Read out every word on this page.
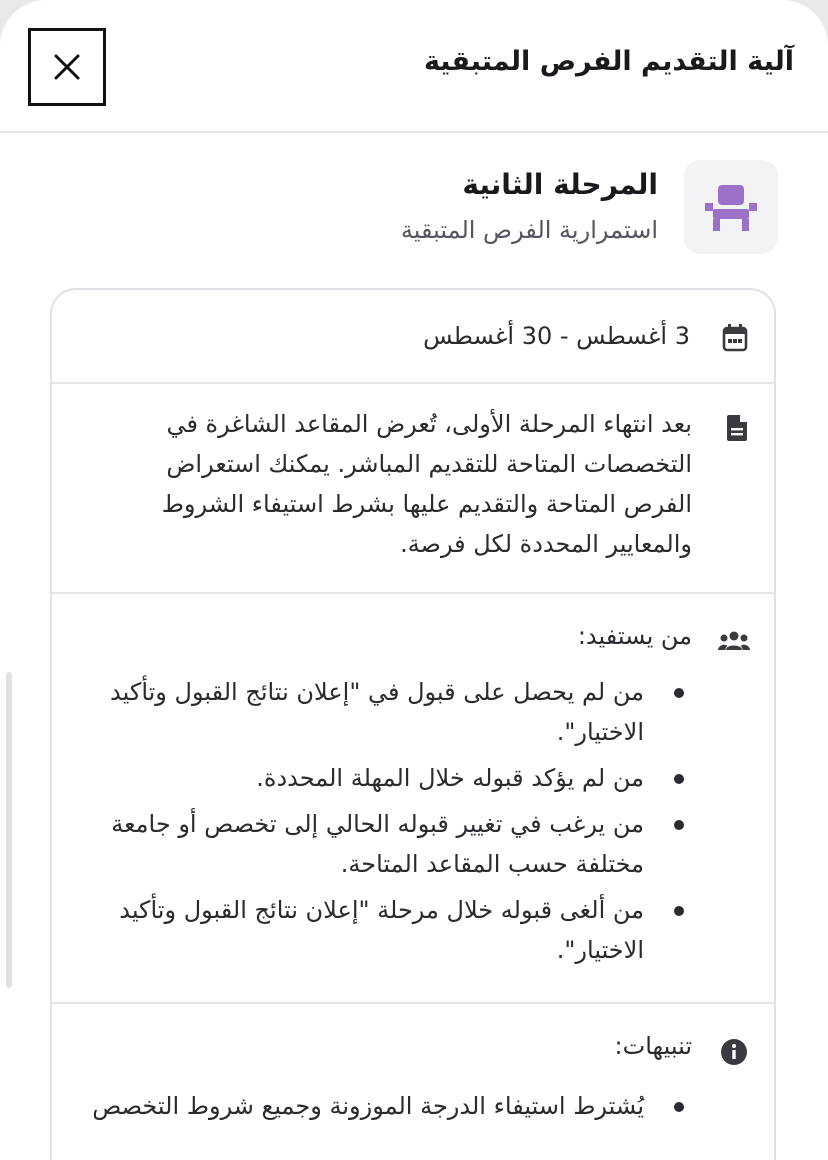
آلية التقديم الفرص المتبقية
المرحلة الثانية
استمرارية الفرص المتبقية
3 أغسطس - 30 أغسطس
بعد انتهاء المرحلة الأولى، تُعرض المقاعد الشاغرة في التخصصات المتاحة للتقديم المباشر. يمكنك استعراض الفرص المتاحة والتقديم عليها بشرط استيفاء الشروط والمعايير المحددة لكل فرصة.
من يستفيد:
من لم يحصل على قبول في "إعلان نتائج القبول وتأكيد الاختيار".
من لم يؤكد قبوله خلال المهلة المحددة.
من يرغب في تغيير قبوله الحالي إلى تخصص أو جامعة مختلفة حسب المقاعد المتاحة.
من ألغى قبوله خلال مرحلة "إعلان نتائج القبول وتأكيد الاختيار".
تنبيهات:
يُشترط استيفاء الدرجة الموزونة وجميع شروط التخصص
